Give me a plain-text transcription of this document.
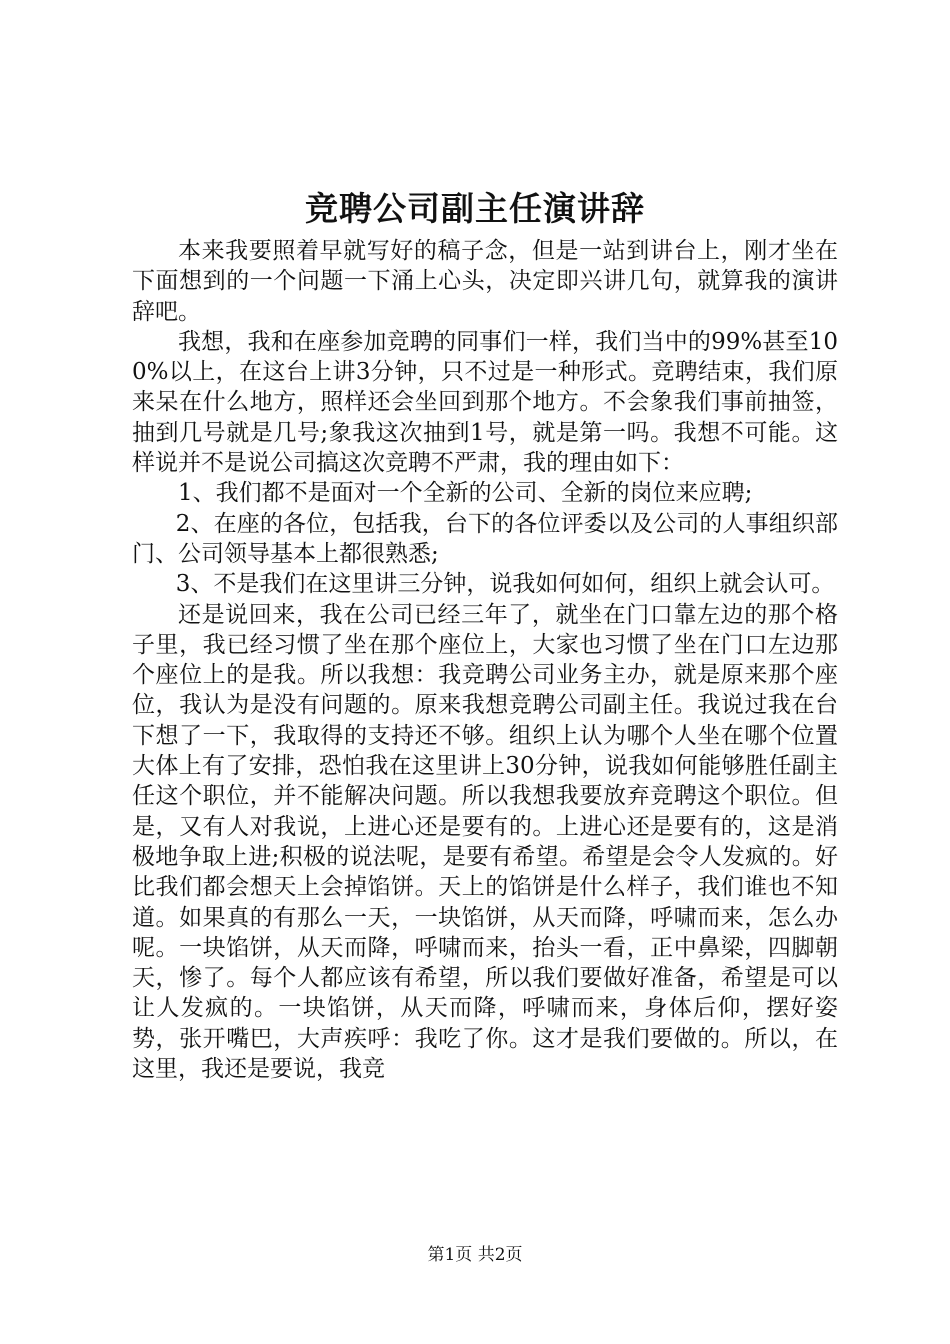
竞聘公司副主任演讲辞

本来我要照着早就写好的稿子念，但是一站到讲台上，刚才坐在下面想到的一个问题一下涌上心头，决定即兴讲几句，就算我的演讲辞吧。

我想，我和在座参加竞聘的同事们一样，我们当中的99%甚至100%以上，在这台上讲3分钟，只不过是一种形式。竞聘结束，我们原来呆在什么地方，照样还会坐回到那个地方。不会象我们事前抽签，抽到几号就是几号;象我这次抽到1号，就是第一吗。我想不可能。这样说并不是说公司搞这次竞聘不严肃，我的理由如下：

1、我们都不是面对一个全新的公司、全新的岗位来应聘;

2、在座的各位，包括我，台下的各位评委以及公司的人事组织部门、公司领导基本上都很熟悉;

3、不是我们在这里讲三分钟，说我如何如何，组织上就会认可。

还是说回来，我在公司已经三年了，就坐在门口靠左边的那个格子里，我已经习惯了坐在那个座位上，大家也习惯了坐在门口左边那个座位上的是我。所以我想：我竞聘公司业务主办，就是原来那个座位，我认为是没有问题的。原来我想竞聘公司副主任。我说过我在台下想了一下，我取得的支持还不够。组织上认为哪个人坐在哪个位置大体上有了安排，恐怕我在这里讲上30分钟，说我如何能够胜任副主任这个职位，并不能解决问题。所以我想我要放弃竞聘这个职位。但是，又有人对我说，上进心还是要有的。上进心还是要有的，这是消极地争取上进;积极的说法呢，是要有希望。希望是会令人发疯的。好比我们都会想天上会掉馅饼。天上的馅饼是什么样子，我们谁也不知道。如果真的有那么一天，一块馅饼，从天而降，呼啸而来，怎么办呢。一块馅饼，从天而降，呼啸而来，抬头一看，正中鼻梁，四脚朝天，惨了。每个人都应该有希望，所以我们要做好准备，希望是可以让人发疯的。一块馅饼，从天而降，呼啸而来，身体后仰，摆好姿势，张开嘴巴，大声疾呼：我吃了你。这才是我们要做的。所以，在这里，我还是要说，我竞

第1页 共2页
